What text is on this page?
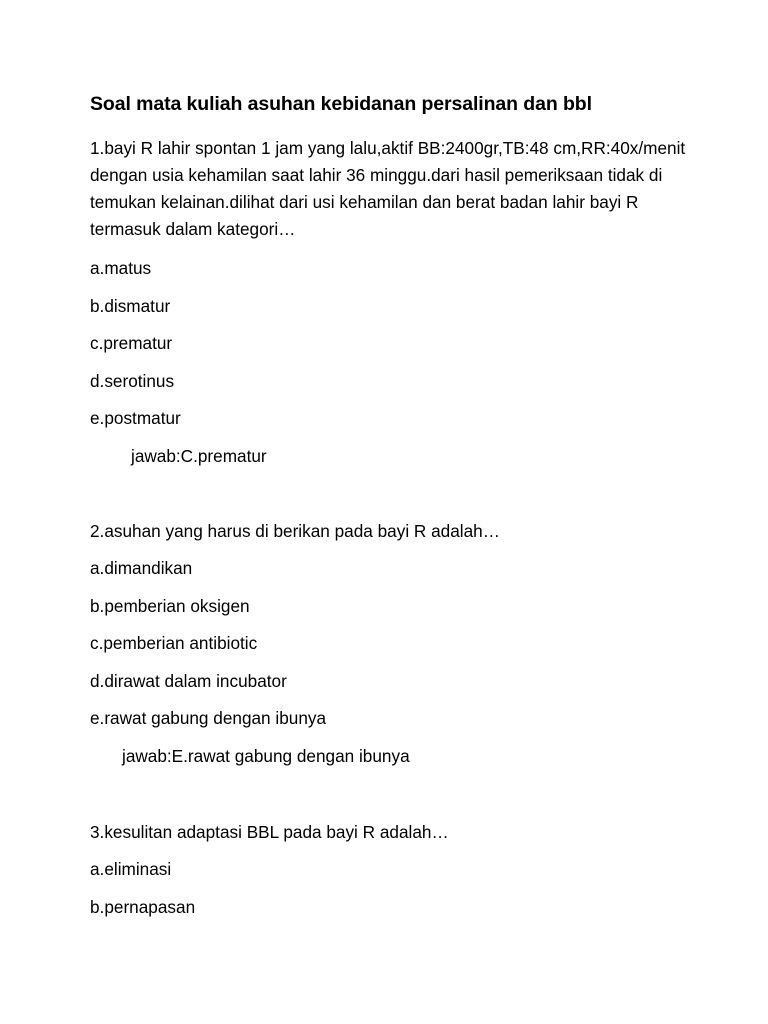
Soal mata kuliah asuhan kebidanan persalinan dan bbl
1.bayi R lahir spontan 1 jam yang lalu,aktif BB:2400gr,TB:48 cm,RR:40x/menit dengan usia kehamilan saat lahir 36 minggu.dari hasil pemeriksaan tidak di temukan kelainan.dilihat dari usi kehamilan dan berat badan lahir bayi R termasuk dalam kategori…
a.matus
b.dismatur
c.prematur
d.serotinus
e.postmatur
jawab:C.prematur
2.asuhan yang harus di berikan pada bayi R adalah…
a.dimandikan
b.pemberian oksigen
c.pemberian antibiotic
d.dirawat dalam incubator
e.rawat gabung dengan ibunya
jawab:E.rawat gabung dengan ibunya
3.kesulitan adaptasi BBL pada bayi R adalah…
a.eliminasi
b.pernapasan
